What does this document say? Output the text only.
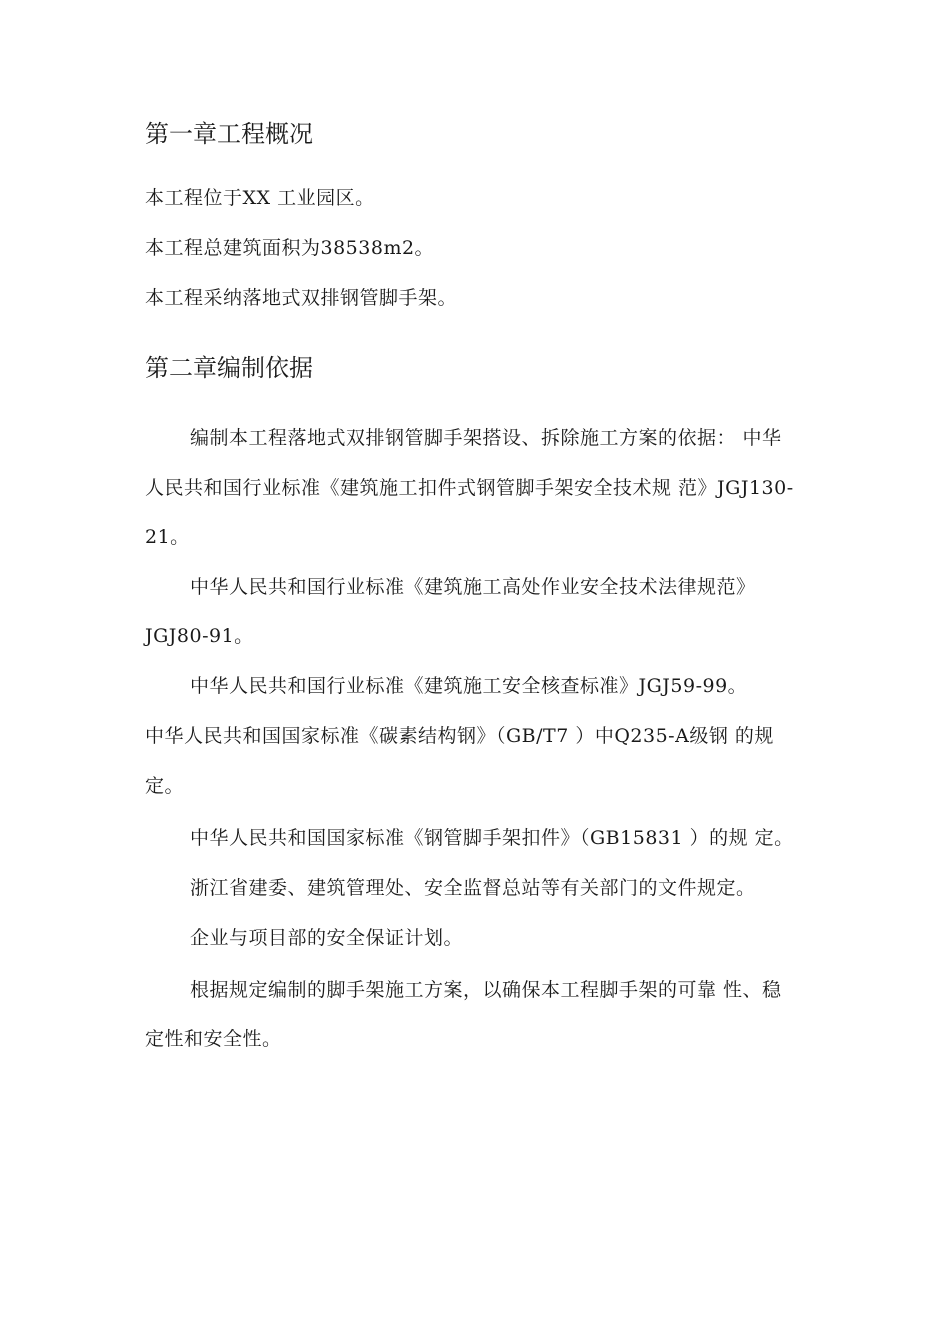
第一章工程概况
本工程位于XX 工业园区。
本工程总建筑面积为38538m2。
本工程采纳落地式双排钢管脚手架。
第二章编制依据
编制本工程落地式双排钢管脚手架搭设、拆除施工方案的依据： 中华
人民共和国行业标准《建筑施工扣件式钢管脚手架安全技术规 范》JGJ130-
21。
中华人民共和国行业标准《建筑施工高处作业安全技术法律规范》
JGJ80-91。
中华人民共和国行业标准《建筑施工安全核查标准》JGJ59-99。
中华人民共和国国家标准《碳素结构钢》（GB/T7 ）中Q235-A级钢 的规
定。
中华人民共和国国家标准《钢管脚手架扣件》（GB15831 ）的规 定。
浙江省建委、建筑管理处、安全监督总站等有关部门的文件规定。
企业与项目部的安全保证计划。
根据规定编制的脚手架施工方案，以确保本工程脚手架的可靠 性、稳
定性和安全性。
